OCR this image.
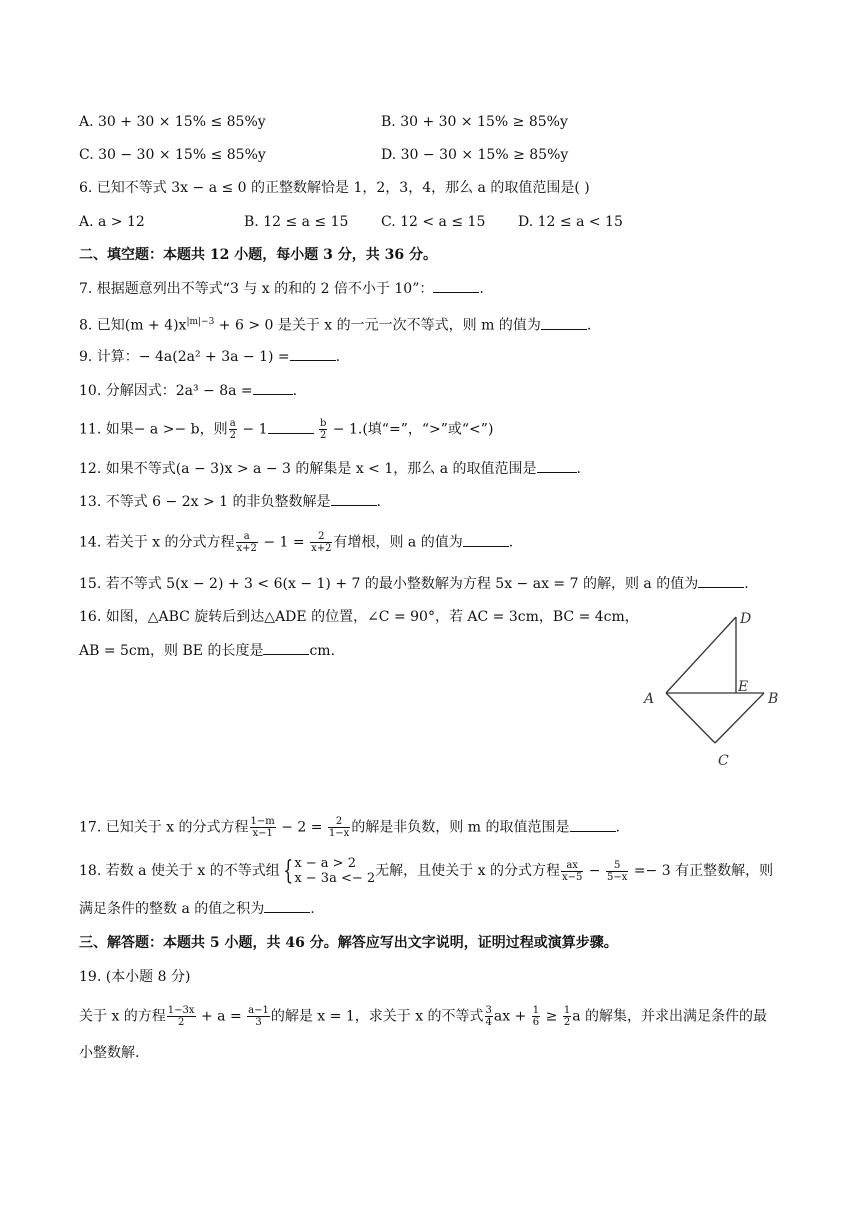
A. 30 + 30 × 15% ≤ 85%y	B. 30 + 30 × 15% ≥ 85%y
C. 30 − 30 × 15% ≤ 85%y	D. 30 − 30 × 15% ≥ 85%y
6. 已知不等式 3x − a ≤ 0 的正整数解恰是 1，2，3，4，那么 a 的取值范围是( )
A. a > 12	B. 12 ≤ a ≤ 15 C. 12 < a ≤ 15 D. 12 ≤ a < 15
二、填空题：本题共 12 小题，每小题 3 分，共 36 分。
7. 根据题意列出不等式“3 与 x 的和的 2 倍不小于 10”：	.
8. 已知$(m + 4)x^{|m|-3} + 6 > 0$ 是关于 x 的一元一次不等式，则 m 的值为	.
9. 计算：− 4a(2a² + 3a − 1) =	.
10. 分解因式：2a³ − 8a =	.
11. 如果− a >− b，则 $\frac{a}{2} - 1$	$\frac{b}{2} - 1$.(填“=”，“>”或“<”)
12. 如果不等式(a − 3)x > a − 3 的解集是 x < 1，那么 a 的取值范围是	.
13. 不等式 6 − 2x > 1 的非负整数解是	.
14. 若关于 x 的分式方程 $\frac{a}{x+2} - 1 = \frac{2}{x+2}$ 有增根，则 a 的值为	.
15. 若不等式 5(x − 2) + 3 < 6(x − 1) + 7 的最小整数解为方程 5x − ax = 7 的解，则 a 的值为	.
16. 如图，△ABC 旋转后到达△ADE 的位置，∠C = 90°，若 AC = 3cm，BC = 4cm，
AB = 5cm，则 BE 的长度是	cm.
D
A
E
B
C
17. 已知关于 x 的分式方程 $\frac{1-m}{x-1} - 2 = \frac{2}{1-x}$ 的解是非负数，则 m 的取值范围是	.
18. 若数 a 使关于 x 的不等式组 { x − a > 2
x − 3a <− 2 无解，且使关于 x 的分式方程 $\frac{ax}{x-5} - \frac{5}{5-x} =- 3$ 有正整数解，则
满足条件的整数 a 的值之积为	.
三、解答题：本题共 5 小题，共 46 分。解答应写出文字说明，证明过程或演算步骤。
19. (本小题 8 分)
关于 x 的方程 $\frac{1-3x}{2} + a = \frac{a-1}{3}$ 的解是 x = 1，求关于 x 的不等式 $\frac{3}{4}$ ax + $\frac{1}{6} \ge \frac{1}{2}$ a 的解集，并求出满足条件的最
小整数解.
